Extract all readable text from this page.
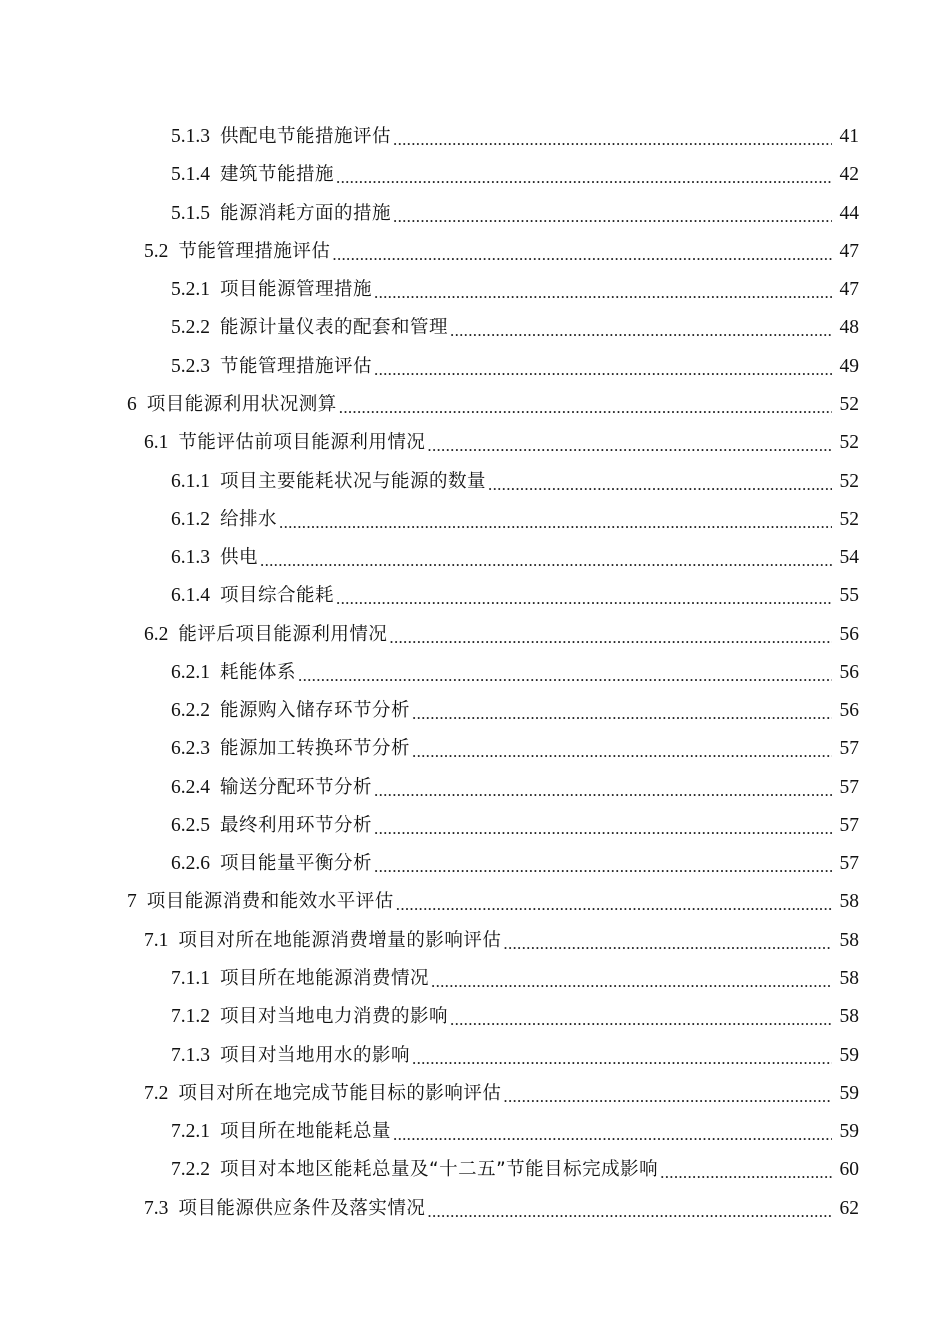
5.1.3 供配电节能措施评估 .....	41
5.1.4 建筑节能措施 .....	42
5.1.5 能源消耗方面的措施 .....	44
5.2 节能管理措施评估 .....	47
5.2.1 项目能源管理措施 .....	47
5.2.2 能源计量仪表的配套和管理 .....	48
5.2.3 节能管理措施评估 .....	49
6 项目能源利用状况测算 .....	52
6.1 节能评估前项目能源利用情况 .....	52
6.1.1 项目主要能耗状况与能源的数量 .....	52
6.1.2 给排水 .....	52
6.1.3 供电 .....	54
6.1.4 项目综合能耗 .....	55
6.2 能评后项目能源利用情况 .....	56
6.2.1 耗能体系 .....	56
6.2.2 能源购入储存环节分析 .....	56
6.2.3 能源加工转换环节分析 .....	57
6.2.4 输送分配环节分析 .....	57
6.2.5 最终利用环节分析 .....	57
6.2.6 项目能量平衡分析 .....	57
7 项目能源消费和能效水平评估 .....	58
7.1 项目对所在地能源消费增量的影响评估 .....	58
7.1.1 项目所在地能源消费情况 .....	58
7.1.2 项目对当地电力消费的影响 .....	58
7.1.3 项目对当地用水的影响 .....	59
7.2 项目对所在地完成节能目标的影响评估 .....	59
7.2.1 项目所在地能耗总量 .....	59
7.2.2 项目对本地区能耗总量及“十二五”节能目标完成影响 .....	60
7.3 项目能源供应条件及落实情况 .....	62
